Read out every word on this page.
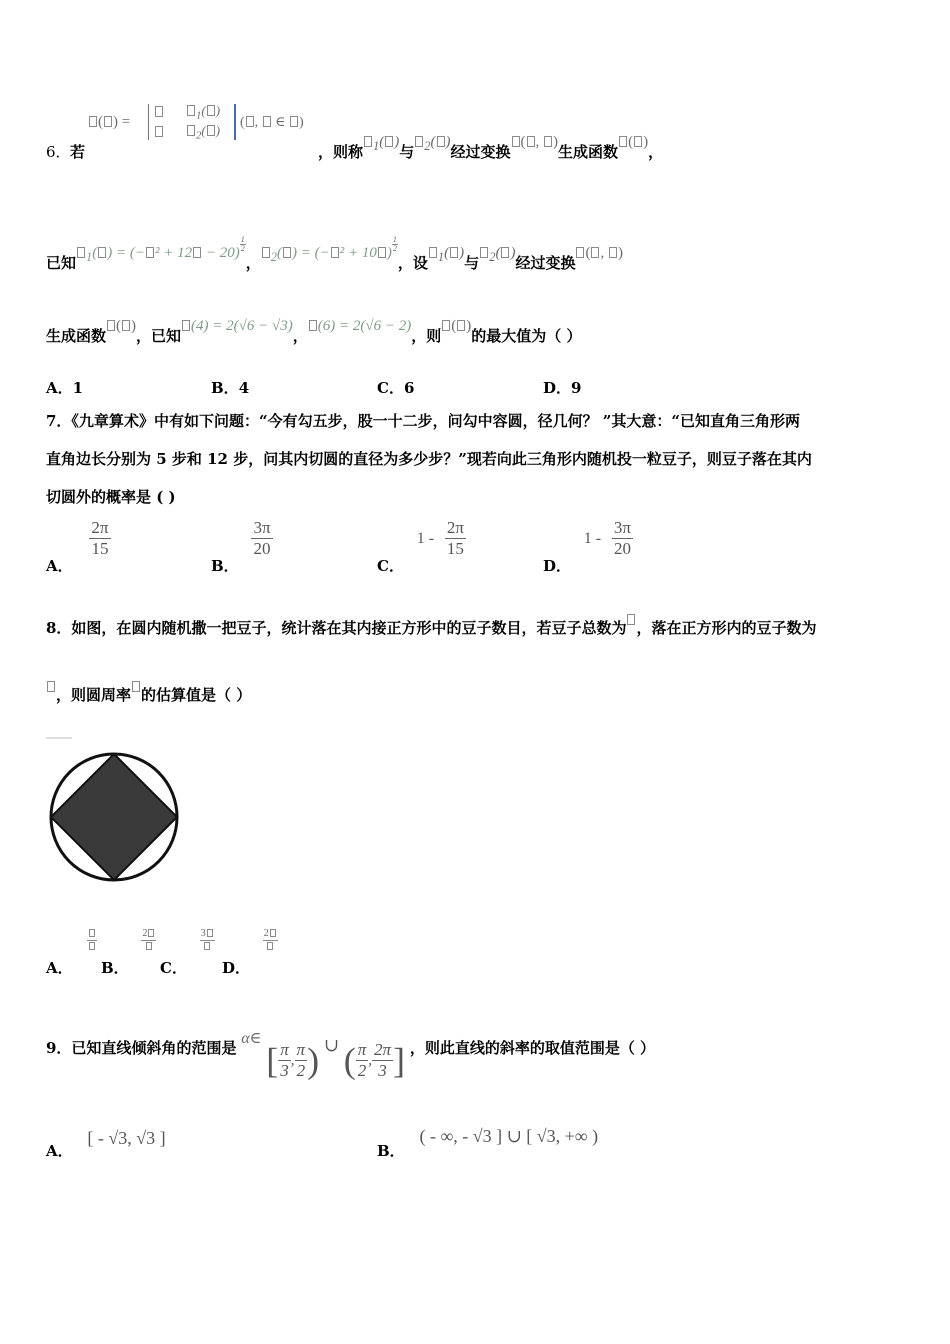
( ) =	$_1$( )
$_2$( )
( , ∈ )
6． 若	，则称 $_1$( )与 $_2$( )经过变换( , )生成函数( )，
已知 $_1$( ) = (− $^2 + 12 - 20) \frac{1}{2}$
， $_2$( ) = (− ² + 10 ) $\frac{1}{2}$
，设 $_1$( )与 $_2$( )经过变换( , )
生成函数( )，已知(4) = 2(√6 − √3)，(6) = 2(√6 − 2)，则( )的最大值为（ ）
A．1	B．4	C．6	D．9
7．《九章算术》中有如下问题：“今有勾五步，股一十二步，问勾中容圆，径几何？ ”其大意：“已知直角三角形两
直角边长分别为 5 步和 12 步，问其内切圆的直径为多少步？”现若向此三角形内随机投一粒豆子，则豆子落在其内
切圆外的概率是 ( )
A．
$\frac{2\pi}{15}$
B．
$\frac{3\pi}{20}$
C． $1 - \frac{2\pi}{15}$
D． $1 - \frac{3\pi}{20}$
8．如图，在圆内随机撒一把豆子，统计落在其内接正方形中的豆子数目，若豆子总数为 ，落在正方形内的豆子数为
，则圆周率 的估算值是（ ）
A．	B．
2
C．
3
D．
2
9．已知直线倾斜角的范围是 α∈ [ $\frac{\pi}{3}$ , $\frac{\pi}{2}$ ) ∪ ( $\frac{\pi}{2}$ , $\frac{2\pi}{3}$ ] ，则此直线的斜率的取值范围是（ ）
A． [ - √3, √3 ]
B． ( - ∞, - √3 ] ∪ [ √3, +∞ )
